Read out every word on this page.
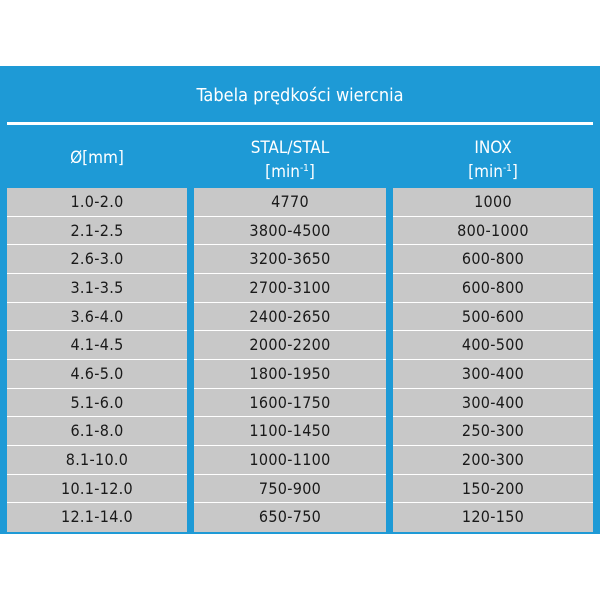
Tabela prędkości wiercnia
Ø[mm]	STAL/STAL
$[\min^{-1}]$
INOX
$[\min^{-1}]$
1.0-2.0
2.1-2.5
2.6-3.0
3.1-3.5
3.6-4.0
4.1-4.5
4.6-5.0
5.1-6.0
6.1-8.0
8.1-10.0
10.1-12.0
12.1-14.0
4770
3800-4500
3200-3650
2700-3100
2400-2650
2000-2200
1800-1950
1600-1750
1100-1450
1000-1100
750-900
650-750
1000
800-1000
600-800
600-800
500-600
400-500
300-400
300-400
250-300
200-300
150-200
120-150
